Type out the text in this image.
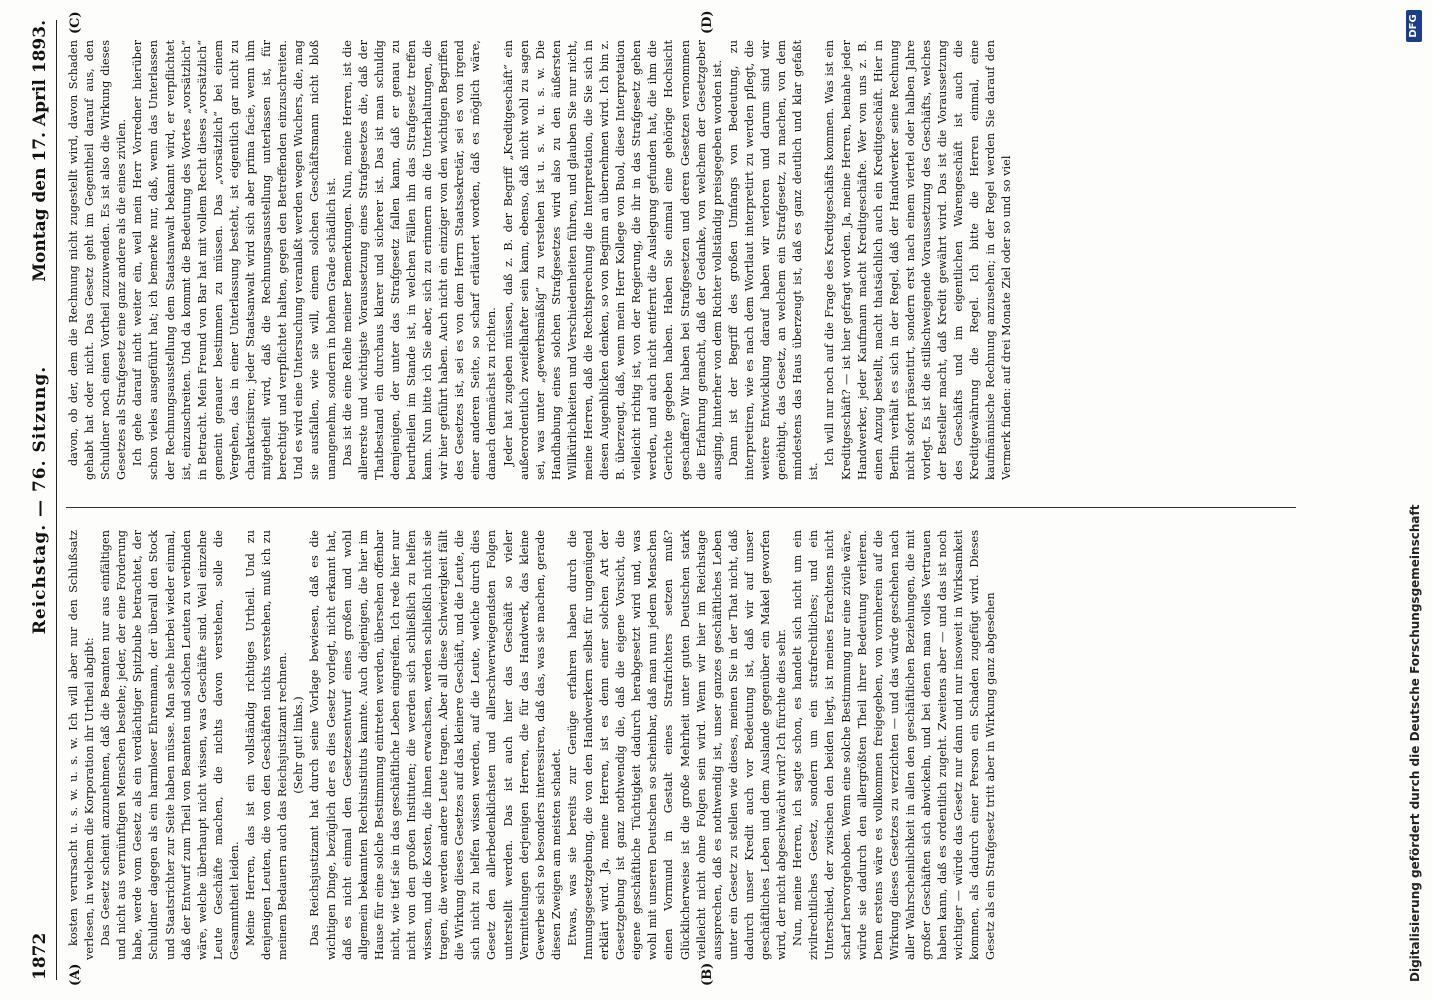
1872
Reichstag. — 76. Sitzung.
Montag den 17. April 1893.
(A)	(B)
(C)	(D)

kosten verursacht u. s. w. u. s. w. Ich will aber nur den Schlußsatz verlesen, in welchem die Korporation ihr Urtheil abgibt: Das Gesetz scheint anzunehmen, daß die Beamten nur aus einfältigen und nicht aus vernünftigen Menschen bestehe; jeder, der eine Forderung habe, werde vom Gesetz als ein verdächtiger Spitzbube betrachtet, der Schuldner dagegen als ein harmloser Ehrenmann, der überall den Stock und Staatsrichter zur Seite haben müsse. Man sehe hierbei wieder einmal, daß der Entwurf zum Theil von Beamten und solchen Leuten zu verbinden wäre, welche überhaupt nicht wissen, was Geschäfte sind. Weil einzelne Leute Geschäfte machen, die nichts davon verstehen, solle die Gesammtheit leiden. Meine Herren, das ist ein vollständig richtiges Urtheil. Und zu denjenigen Leuten, die von den Geschäften nichts verstehen, muß ich zu meinem Bedauern auch das Reichsjustizamt rechnen. (Sehr gut! links.) Das Reichsjustizamt hat durch seine Vorlage bewiesen, daß es die wichtigen Dinge, bezüglich der es dies Gesetz vorlegt, nicht erkannt hat, daß es nicht einmal den Gesetzesentwurf eines großen und wohl allgemein bekannten Rechtsinstituts kannte. Auch diejenigen, die hier im Hause für eine solche Bestimmung eintreten werden, übersehen offenbar nicht, wie tief sie in das geschäftliche Leben eingreifen. Ich rede hier nur nicht von den großen Instituten; die werden sich schließlich zu helfen wissen, und die Kosten, die ihnen erwachsen, werden schließlich nicht sie tragen, die werden andere Leute tragen. Aber all diese Schwierigkeit fällt die Wirkung dieses Gesetzes auf das kleinere Geschäft, und die Leute, die sich nicht zu helfen wissen werden, auf die Leute, welche durch dies Gesetz den allerbedenklichsten und allerschwerwiegendsten Folgen unterstellt werden. Das ist auch hier das Geschäft so vieler Vermittelungen derjenigen Herren, die für das Handwerk, das kleine Gewerbe sich so besonders interessiren, daß das, was sie machen, gerade diesen Zweigen am meisten schadet. Etwas, was sie bereits zur Genüge erfahren haben durch die Innungsgesetzgebung, die von den Handwerkern selbst für ungenügend erklärt wird. Ja, meine Herren, ist es denn einer solchen Art der Gesetzgebung ist ganz nothwendig die, daß die eigene Vorsicht, die eigene geschäftliche Tüchtigkeit dadurch herabgesetzt wird und, was wohl mit unseren Deutschen so scheinbar, daß man nun jedem Menschen einen Vormund in Gestalt eines Strafrichters setzen muß? Glücklicherweise ist die große Mehrheit unter guten Deutschen stark vielleicht nicht ohne Folgen sein wird. Wenn wir hier im Reichstage aussprechen, daß es nothwendig ist, unser ganzes geschäftliches Leben unter ein Gesetz zu stellen wie dieses, meinen Sie in der That nicht, daß dadurch unser Kredit auch vor Bedeutung ist, daß wir auf unser geschäftliches Leben und dem Auslande gegenüber ein Makel geworfen wird, der nicht abgeschwächt wird? Ich fürchte dies sehr. Nun, meine Herren, ich sagte schon, es handelt sich nicht um ein zivilrechtliches Gesetz, sondern um ein strafrechtliches; und ein Unterschied, der zwischen den beiden liegt, ist meines Erachtens nicht scharf hervorgehoben. Wenn eine solche Bestimmung nur eine zivile wäre, würde sie dadurch den allergrößten Theil ihrer Bedeutung verlieren. Denn erstens wäre es vollkommen freigegeben, von vornherein auf die Wirkung dieses Gesetzes zu verzichten — und das würde geschehen nach aller Wahrscheinlichkeit in allen den geschäftlichen Beziehungen, die mit großer Geschäften sich abwickeln, und bei denen man volles Vertrauen haben kann, daß es ordentlich zugeht. Zweitens aber — und das ist noch wichtiger — würde das Gesetz nur dann und nur insoweit in Wirksamkeit kommen, als dadurch einer Person ein Schaden zugefügt wird. Dieses Gesetz als ein Strafgesetz tritt aber in Wirkung ganz abgesehen

davon, ob der, dem die Rechnung nicht zugestellt wird, davon Schaden gehabt hat oder nicht. Das Gesetz geht im Gegentheil darauf aus, den Schuldner noch einen Vortheil zuzuwenden. Es ist also die Wirkung dieses Gesetzes als Strafgesetz eine ganz andere als die eines zivilen. Ich gehe darauf nicht weiter ein, weil mein Herr Vorredner hierüber schon vieles ausgeführt hat; ich bemerke nur, daß, wenn das Unterlassen der Rechnungsausstellung dem Staatsanwalt bekannt wird, er verpflichtet ist, einzuschreiten. Und da kommt die Bedeutung des Wortes „vorsätzlich“ in Betracht. Mein Freund von Bar hat mit vollem Recht dieses „vorsätzlich“ gemeint genauer bestimmen zu müssen. Das „vorsätzlich“ bei einem Vergehen, das in einer Unterlassung besteht, ist eigentlich gar nicht zu charakterisiren; jeder Staatsanwalt wird sich aber prima facie, wenn ihm mitgetheilt wird, daß die Rechnungsausstellung unterlassen ist, für berechtigt und verpflichtet halten, gegen den Betreffenden einzuschreiten. Und es wird eine Untersuchung veranlaßt werden wegen Wuchers, die, mag sie ausfallen, wie sie will, einem solchen Geschäftsmann nicht bloß unangenehm, sondern in hohem Grade schädlich ist. Das ist die eine Reihe meiner Bemerkungen. Nun, meine Herren, ist die allererste und wichtigste Voraussetzung eines Strafgesetzes die, daß der Thatbestand ein durchaus klarer und sicherer ist. Das ist man schuldig demjenigen, der unter das Strafgesetz fallen kann, daß er genau zu beurtheilen im Stande ist, in welchen Fällen ihn das Strafgesetz treffen kann. Nun bitte ich Sie aber, sich zu erinnern an die Unterhaltungen, die wir hier geführt haben. Auch nicht ein einziger von den wichtigen Begriffen des Gesetzes ist, sei es von dem Herrn Staatssekretär, sei es von irgend einer anderen Seite, so scharf erläutert worden, daß es möglich wäre, danach demnächst zu richten. Jeder hat zugeben müssen, daß z. B. der Begriff „Kreditgeschäft“ ein außerordentlich zweifelhafter sein kann, ebenso, daß nicht wohl zu sagen sei, was unter „gewerbsmäßig“ zu verstehen ist u. s. w. u. s. w. Die Handhabung eines solchen Strafgesetzes wird also zu den äußersten Willkürlichkeiten und Verschiedenheiten führen, und glauben Sie nur nicht, meine Herren, daß die Rechtsprechung die Interpretation, die Sie sich in diesen Augenblicken denken, so von Beginn an übernehmen wird. Ich bin z. B. überzeugt, daß, wenn mein Herr Kollege von Buol, diese Interpretation vielleicht richtig ist, von der Regierung, die ihr in das Strafgesetz gehen werden, und auch nicht entfernt die Auslegung gefunden hat, die ihm die Gerichte gegeben haben. Haben Sie einmal eine gehörige Hochsicht geschaffen? Wir haben bei Strafgesetzen und deren Gesetzen vernommen die Erfahrung gemacht, daß der Gedanke, von welchem der Gesetzgeber ausging, hinterher von dem Richter vollständig preisgegeben worden ist. Dann ist der Begriff des großen Umfangs von Bedeutung, zu interpretiren, wie es nach dem Wortlaut interpretirt zu werden pflegt, die weitere Entwicklung darauf haben wir verloren und darum sind wir genöthigt, das Gesetz, an welchem ein Strafgesetz, zu machen, von dem mindestens das Haus überzeugt ist, daß es ganz deutlich und klar gefaßt ist.

Ich will nur noch auf die Frage des Kreditgeschäfts kommen. Was ist ein Kreditgeschäft? — ist hier gefragt worden. Ja, meine Herren, beinahe jeder Handwerker, jeder Kaufmann macht Kreditgeschäfte. Wer von uns z. B. einen Anzug bestellt, macht thatsächlich auch ein Kreditgeschäft. Hier in Berlin verhält es sich in der Regel, daß der Handwerker seine Rechnung nicht sofort präsentirt, sondern erst nach einem viertel oder halben Jahre vorlegt. Es ist die stillschweigende Voraussetzung des Geschäfts, welches der Besteller macht, daß Kredit gewährt wird. Das ist die Voraussetzung des Geschäfts und im eigentlichen Warengeschäft ist auch die Kreditgewährung die Regel. Ich bitte die Herren einmal, eine kaufmännische Rechnung anzusehen; in der Regel werden Sie darauf den Vermerk finden: auf drei Monate Ziel oder so und so viel

Digitalisierung gefördert durch die Deutsche Forschungsgemeinschaft
DFG
